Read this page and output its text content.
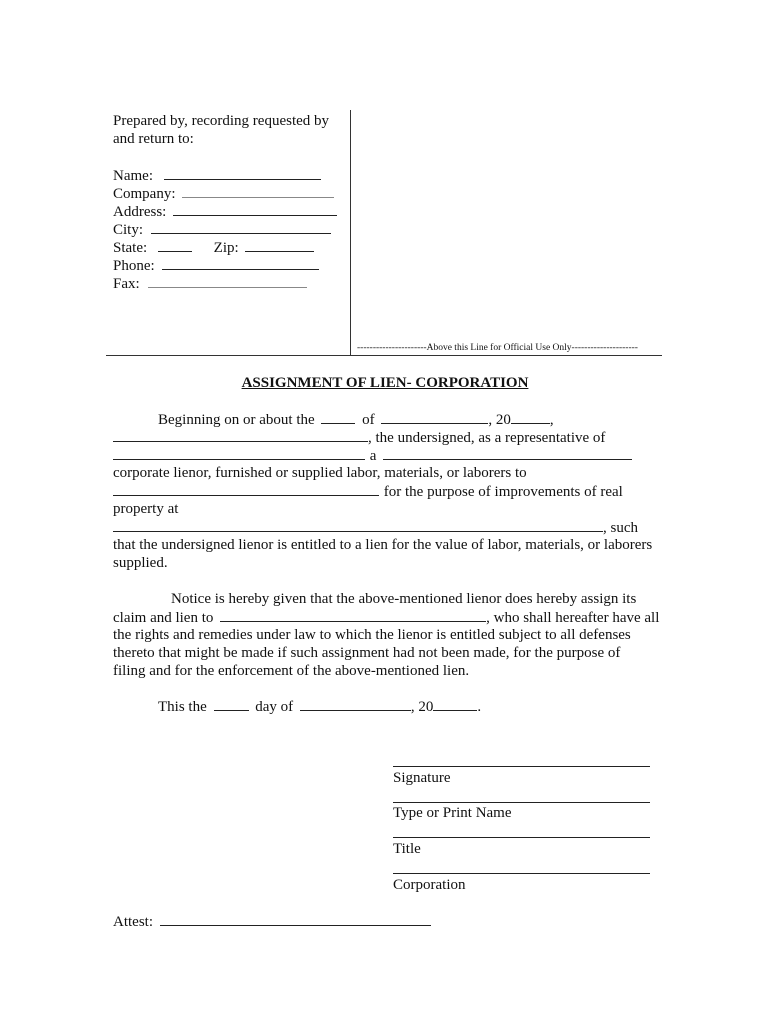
Prepared by, recording requested by
and return to:
Name:
Company:
Address:
City:
State:	Zip:
Phone:
Fax:
----------------------Above this Line for Official Use Only---------------------
ASSIGNMENT OF LIEN- CORPORATION
Beginning on or about the	of	, 20	,
, the undersigned, as a representative of
a
corporate lienor, furnished or supplied labor, materials, or laborers to
for the purpose of improvements of real
property at
, such
that the undersigned lienor is entitled to a lien for the value of labor, materials, or laborers
supplied.
Notice is hereby given that the above-mentioned lienor does hereby assign its
claim and lien to	, who shall hereafter have all
the rights and remedies under law to which the lienor is entitled subject to all defenses
thereto that might be made if such assignment had not been made, for the purpose of
filing and for the enforcement of the above-mentioned lien.
This the	day of	, 20	.
Signature
Type or Print Name
Title
Corporation
Attest:
